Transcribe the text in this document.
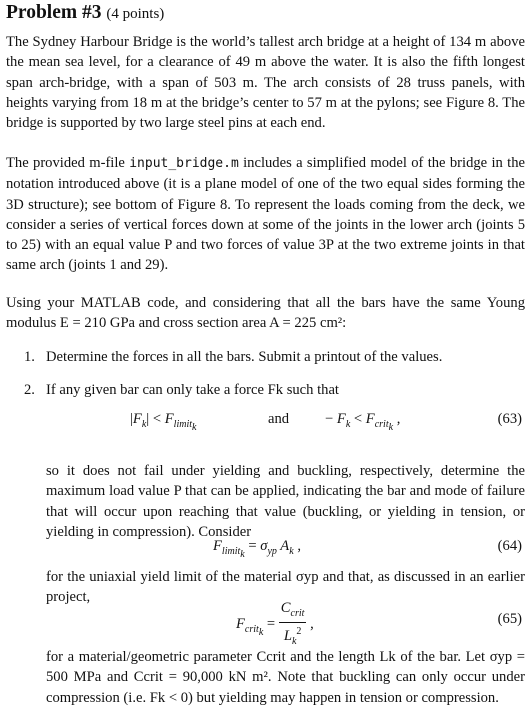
Problem #3 (4 points)

The Sydney Harbour Bridge is the world’s tallest arch bridge at a height of 134 m above the mean sea level, for a clearance of 49 m above the water. It is also the fifth longest span arch-bridge, with a span of 503 m. The arch consists of 28 truss panels, with heights varying from 18 m at the bridge’s center to 57 m at the pylons; see Figure 8. The bridge is supported by two large steel pins at each end.

The provided m-file input_bridge.m includes a simplified model of the bridge in the notation introduced above (it is a plane model of one of the two equal sides forming the 3D structure); see bottom of Figure 8. To represent the loads coming from the deck, we consider a series of vertical forces down at some of the joints in the lower arch (joints 5 to 25) with an equal value P and two forces of value 3P at the two extreme joints in that same arch (joints 1 and 29).

Using your MATLAB code, and considering that all the bars have the same Young modulus E = 210 GPa and cross section area A = 225 cm²:

1. Determine the forces in all the bars. Submit a printout of the values.

2. If any given bar can only take a force Fk such that

$|F_k| < F_{limit_k}$
and − $F_k < F_{crit_k}$ ,	(63)

so it does not fail under yielding and buckling, respectively, determine the maximum load value P that can be applied, indicating the bar and mode of failure that will occur upon reaching that value (buckling, or yielding in tension, or yielding in compression). Consider

$F_{limit_k} = \sigma_{yp}$ $A_k$ ,	(64)

for the uniaxial yield limit of the material σyp and that, as discussed in an earlier project,

$F_{crit_k} = \frac{C_{crit}}{L_k^2}$ ,	(65)

for a material/geometric parameter Ccrit and the length Lk of the bar. Let σyp = 500 MPa and Ccrit = 90,000 kN m². Note that buckling can only occur under compression (i.e. Fk < 0) but yielding may happen in tension or compression.
